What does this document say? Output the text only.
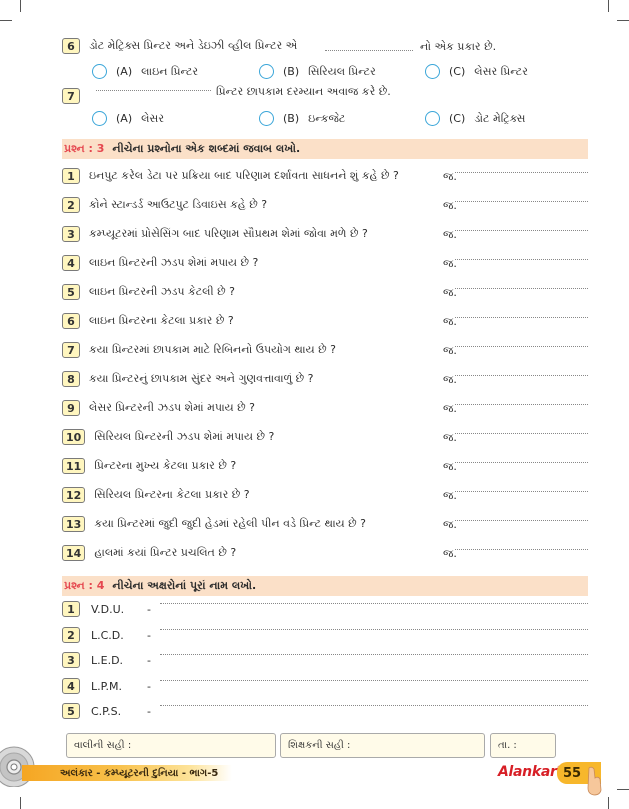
6	ડોટ મેટ્રિક્સ પ્રિન્ટર અને ડેઇઝી વ્હીલ પ્રિન્ટર એ	નો એક પ્રકાર છે.
(A) લાઇન પ્રિન્ટર	(B) સિરિયલ પ્રિન્ટર	(C) લેસર પ્રિન્ટર
7	પ્રિન્ટર છાપકામ દરમ્યાન અવાજ કરે છે.
(A) લેસર	(B) ઇન્કજેટ	(C) ડોટ મેટ્રિક્સ
પ્રશ્ન : 3 નીચેના પ્રશ્નોના એક શબ્દમાં જવાબ લખો.
1	ઇનપુટ કરેલ ડેટા પર પ્રક્રિયા બાદ પરિણામ દર્શાવતા સાધનને શું કહે છે ?	જ.
2	કોને સ્ટાન્ડર્ડ આઉટપુટ ડિવાઇસ કહે છે ?	જ.
3	કમ્પ્યૂટરમાં પ્રોસેસિંગ બાદ પરિણામ સૌપ્રથમ શેમાં જોવા મળે છે ?	જ.
4	લાઇન પ્રિન્ટરની ઝડપ શેમાં મપાય છે ?	જ.
5	લાઇન પ્રિન્ટરની ઝડપ કેટલી છે ?	જ.
6	લાઇન પ્રિન્ટરના કેટલા પ્રકાર છે ?	જ.
7	કયા પ્રિન્ટરમાં છાપકામ માટે રિબિનનો ઉપયોગ થાય છે ?	જ.
8	કયા પ્રિન્ટરનું છાપકામ સુંદર અને ગુણવત્તાવાળું છે ?	જ.
9	લેસર પ્રિન્ટરની ઝડપ શેમાં મપાય છે ?	જ.
10	સિરિયલ પ્રિન્ટરની ઝડપ શેમાં મપાય છે ?	જ.
11	પ્રિન્ટરના મુખ્ય કેટલા પ્રકાર છે ?	જ.
12	સિરિયલ પ્રિન્ટરના કેટલા પ્રકાર છે ?	જ.
13	કયા પ્રિન્ટરમાં જુદી જુદી હેડમાં રહેલી પીન વડે પ્રિન્ટ થાય છે ?	જ.
14	હાલમાં કયાં પ્રિન્ટર પ્રચલિત છે ?	જ.
પ્રશ્ન : 4 નીચેના અક્ષરોનાં પૂરાં નામ લખો.
1	V.D.U.	-
2	L.C.D.	-
3	L.E.D.	-
4	L.P.M.	-
5	C.P.S.	-
વાલીની સહી :	શિક્ષકની સહી :	તા. :
અલંકાર - કમ્પ્યૂટરની દુનિયા - ભાગ-5	Alankar 55
